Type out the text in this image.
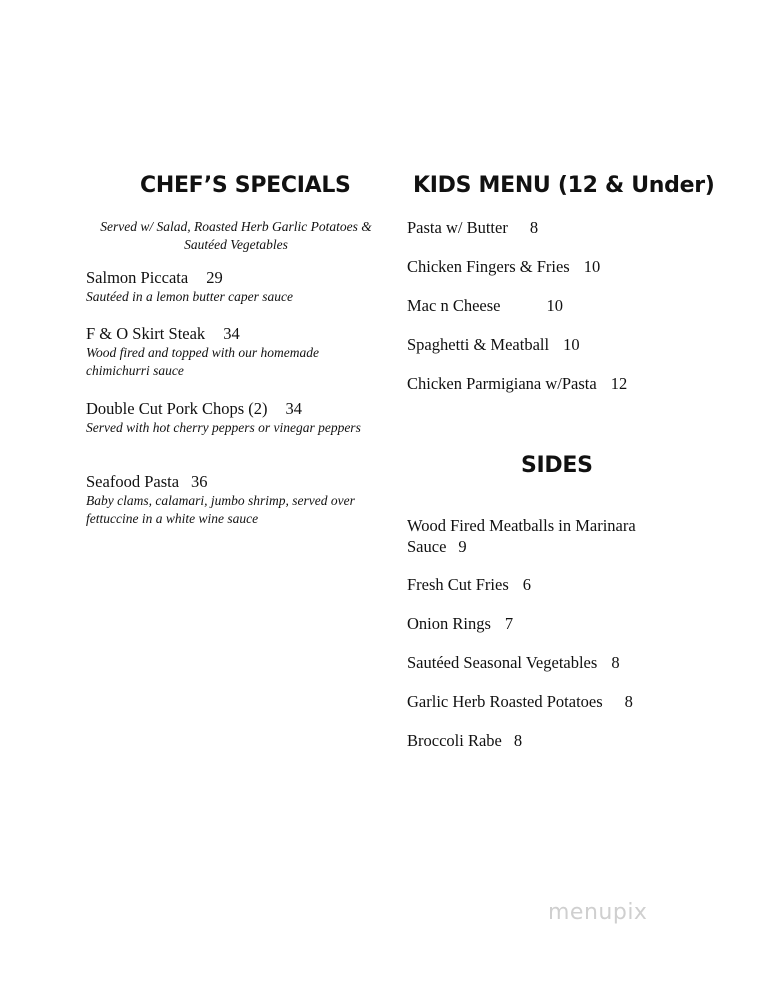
CHEF’S SPECIALS

Served w/ Salad, Roasted Herb Garlic Potatoes & Sautéed Vegetables

Salmon Piccata 29
Sautéed in a lemon butter caper sauce
F & O Skirt Steak 34
Wood fired and topped with our homemade chimichurri sauce
Double Cut Pork Chops (2) 34
Served with hot cherry peppers or vinegar peppers
Seafood Pasta 36
Baby clams, calamari, jumbo shrimp, served over fettuccine in a white wine sauce
KIDS MENU (12 & Under)
Pasta w/ Butter 8
Chicken Fingers & Fries 10
Mac n Cheese	10
Spaghetti & Meatball 10
Chicken Parmigiana w/Pasta 12
SIDES
Wood Fired Meatballs in Marinara Sauce 9
Fresh Cut Fries 6
Onion Rings 7
Sautéed Seasonal Vegetables 8
Garlic Herb Roasted Potatoes 8
Broccoli Rabe 8
menupix
